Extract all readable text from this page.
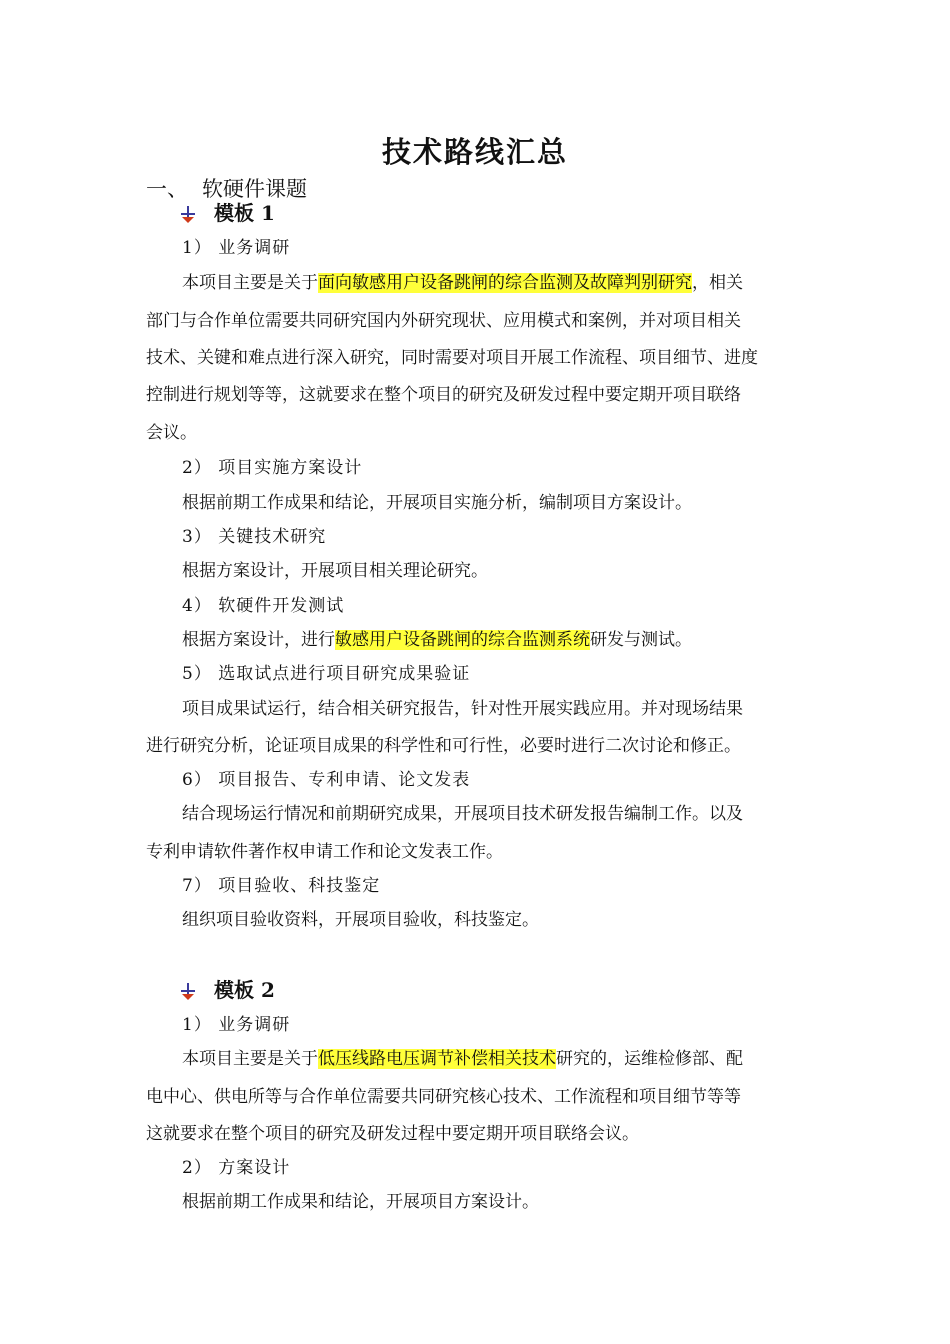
技术路线汇总
一、 软硬件课题
模板 1
1） 业务调研
本项目主要是关于面向敏感用户设备跳闸的综合监测及故障判别研究，相关
部门与合作单位需要共同研究国内外研究现状、应用模式和案例，并对项目相关
技术、关键和难点进行深入研究，同时需要对项目开展工作流程、项目细节、进度
控制进行规划等等，这就要求在整个项目的研究及研发过程中要定期开项目联络
会议。
2） 项目实施方案设计
根据前期工作成果和结论，开展项目实施分析，编制项目方案设计。
3） 关键技术研究
根据方案设计，开展项目相关理论研究。
4） 软硬件开发测试
根据方案设计，进行敏感用户设备跳闸的综合监测系统研发与测试。
5） 选取试点进行项目研究成果验证
项目成果试运行，结合相关研究报告，针对性开展实践应用。并对现场结果
进行研究分析，论证项目成果的科学性和可行性，必要时进行二次讨论和修正。
6） 项目报告、专利申请、论文发表
结合现场运行情况和前期研究成果，开展项目技术研发报告编制工作。以及
专利申请软件著作权申请工作和论文发表工作。
7） 项目验收、科技鉴定
组织项目验收资料，开展项目验收，科技鉴定。
模板 2
1） 业务调研
本项目主要是关于低压线路电压调节补偿相关技术研究的，运维检修部、配
电中心、供电所等与合作单位需要共同研究核心技术、工作流程和项目细节等等
这就要求在整个项目的研究及研发过程中要定期开项目联络会议。
2） 方案设计
根据前期工作成果和结论，开展项目方案设计。
